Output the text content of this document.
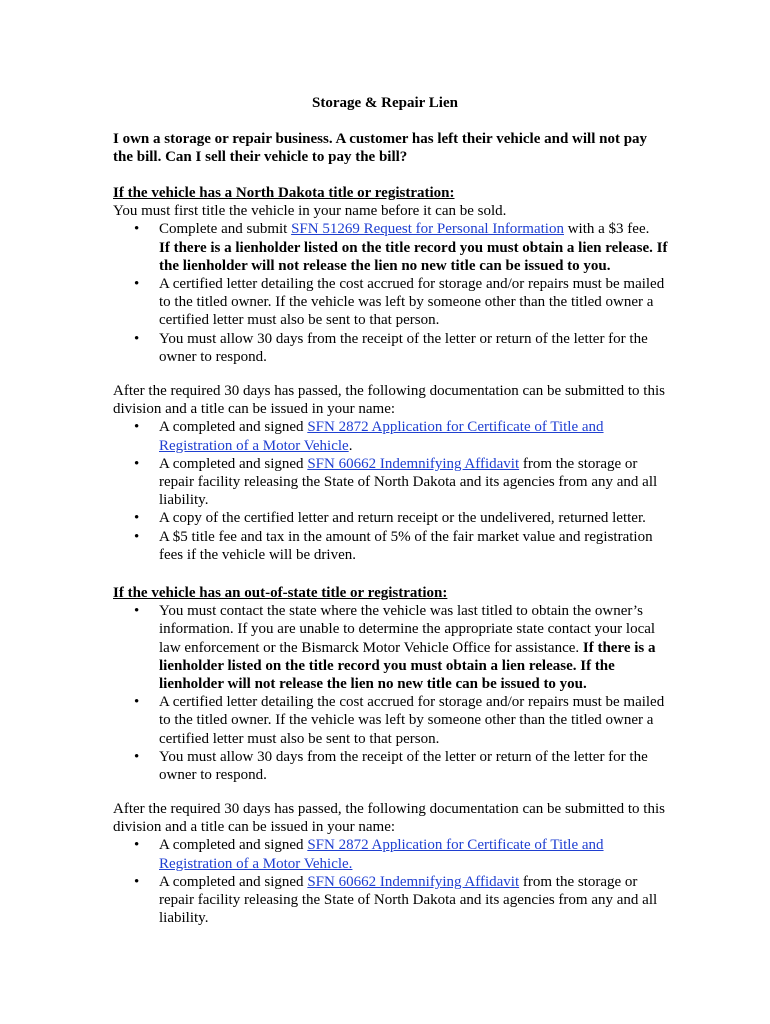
Storage & Repair Lien
I own a storage or repair business. A customer has left their vehicle and will not pay the bill. Can I sell their vehicle to pay the bill?
If the vehicle has a North Dakota title or registration:
You must first title the vehicle in your name before it can be sold.
• Complete and submit SFN 51269 Request for Personal Information with a $3 fee.
If there is a lienholder listed on the title record you must obtain a lien release. If the lienholder will not release the lien no new title can be issued to you.
• A certified letter detailing the cost accrued for storage and/or repairs must be mailed to the titled owner. If the vehicle was left by someone other than the titled owner a certified letter must also be sent to that person.
• You must allow 30 days from the receipt of the letter or return of the letter for the owner to respond.
After the required 30 days has passed, the following documentation can be submitted to this division and a title can be issued in your name:
• A completed and signed SFN 2872 Application for Certificate of Title and Registration of a Motor Vehicle.
• A completed and signed SFN 60662 Indemnifying Affidavit from the storage or repair facility releasing the State of North Dakota and its agencies from any and all liability.
• A copy of the certified letter and return receipt or the undelivered, returned letter.
• A $5 title fee and tax in the amount of 5% of the fair market value and registration fees if the vehicle will be driven.
If the vehicle has an out-of-state title or registration:
• You must contact the state where the vehicle was last titled to obtain the owner’s information. If you are unable to determine the appropriate state contact your local law enforcement or the Bismarck Motor Vehicle Office for assistance. If there is a lienholder listed on the title record you must obtain a lien release. If the lienholder will not release the lien no new title can be issued to you.
• A certified letter detailing the cost accrued for storage and/or repairs must be mailed to the titled owner. If the vehicle was left by someone other than the titled owner a certified letter must also be sent to that person.
• You must allow 30 days from the receipt of the letter or return of the letter for the owner to respond.
After the required 30 days has passed, the following documentation can be submitted to this division and a title can be issued in your name:
• A completed and signed SFN 2872 Application for Certificate of Title and Registration of a Motor Vehicle.
• A completed and signed SFN 60662 Indemnifying Affidavit from the storage or repair facility releasing the State of North Dakota and its agencies from any and all liability.
